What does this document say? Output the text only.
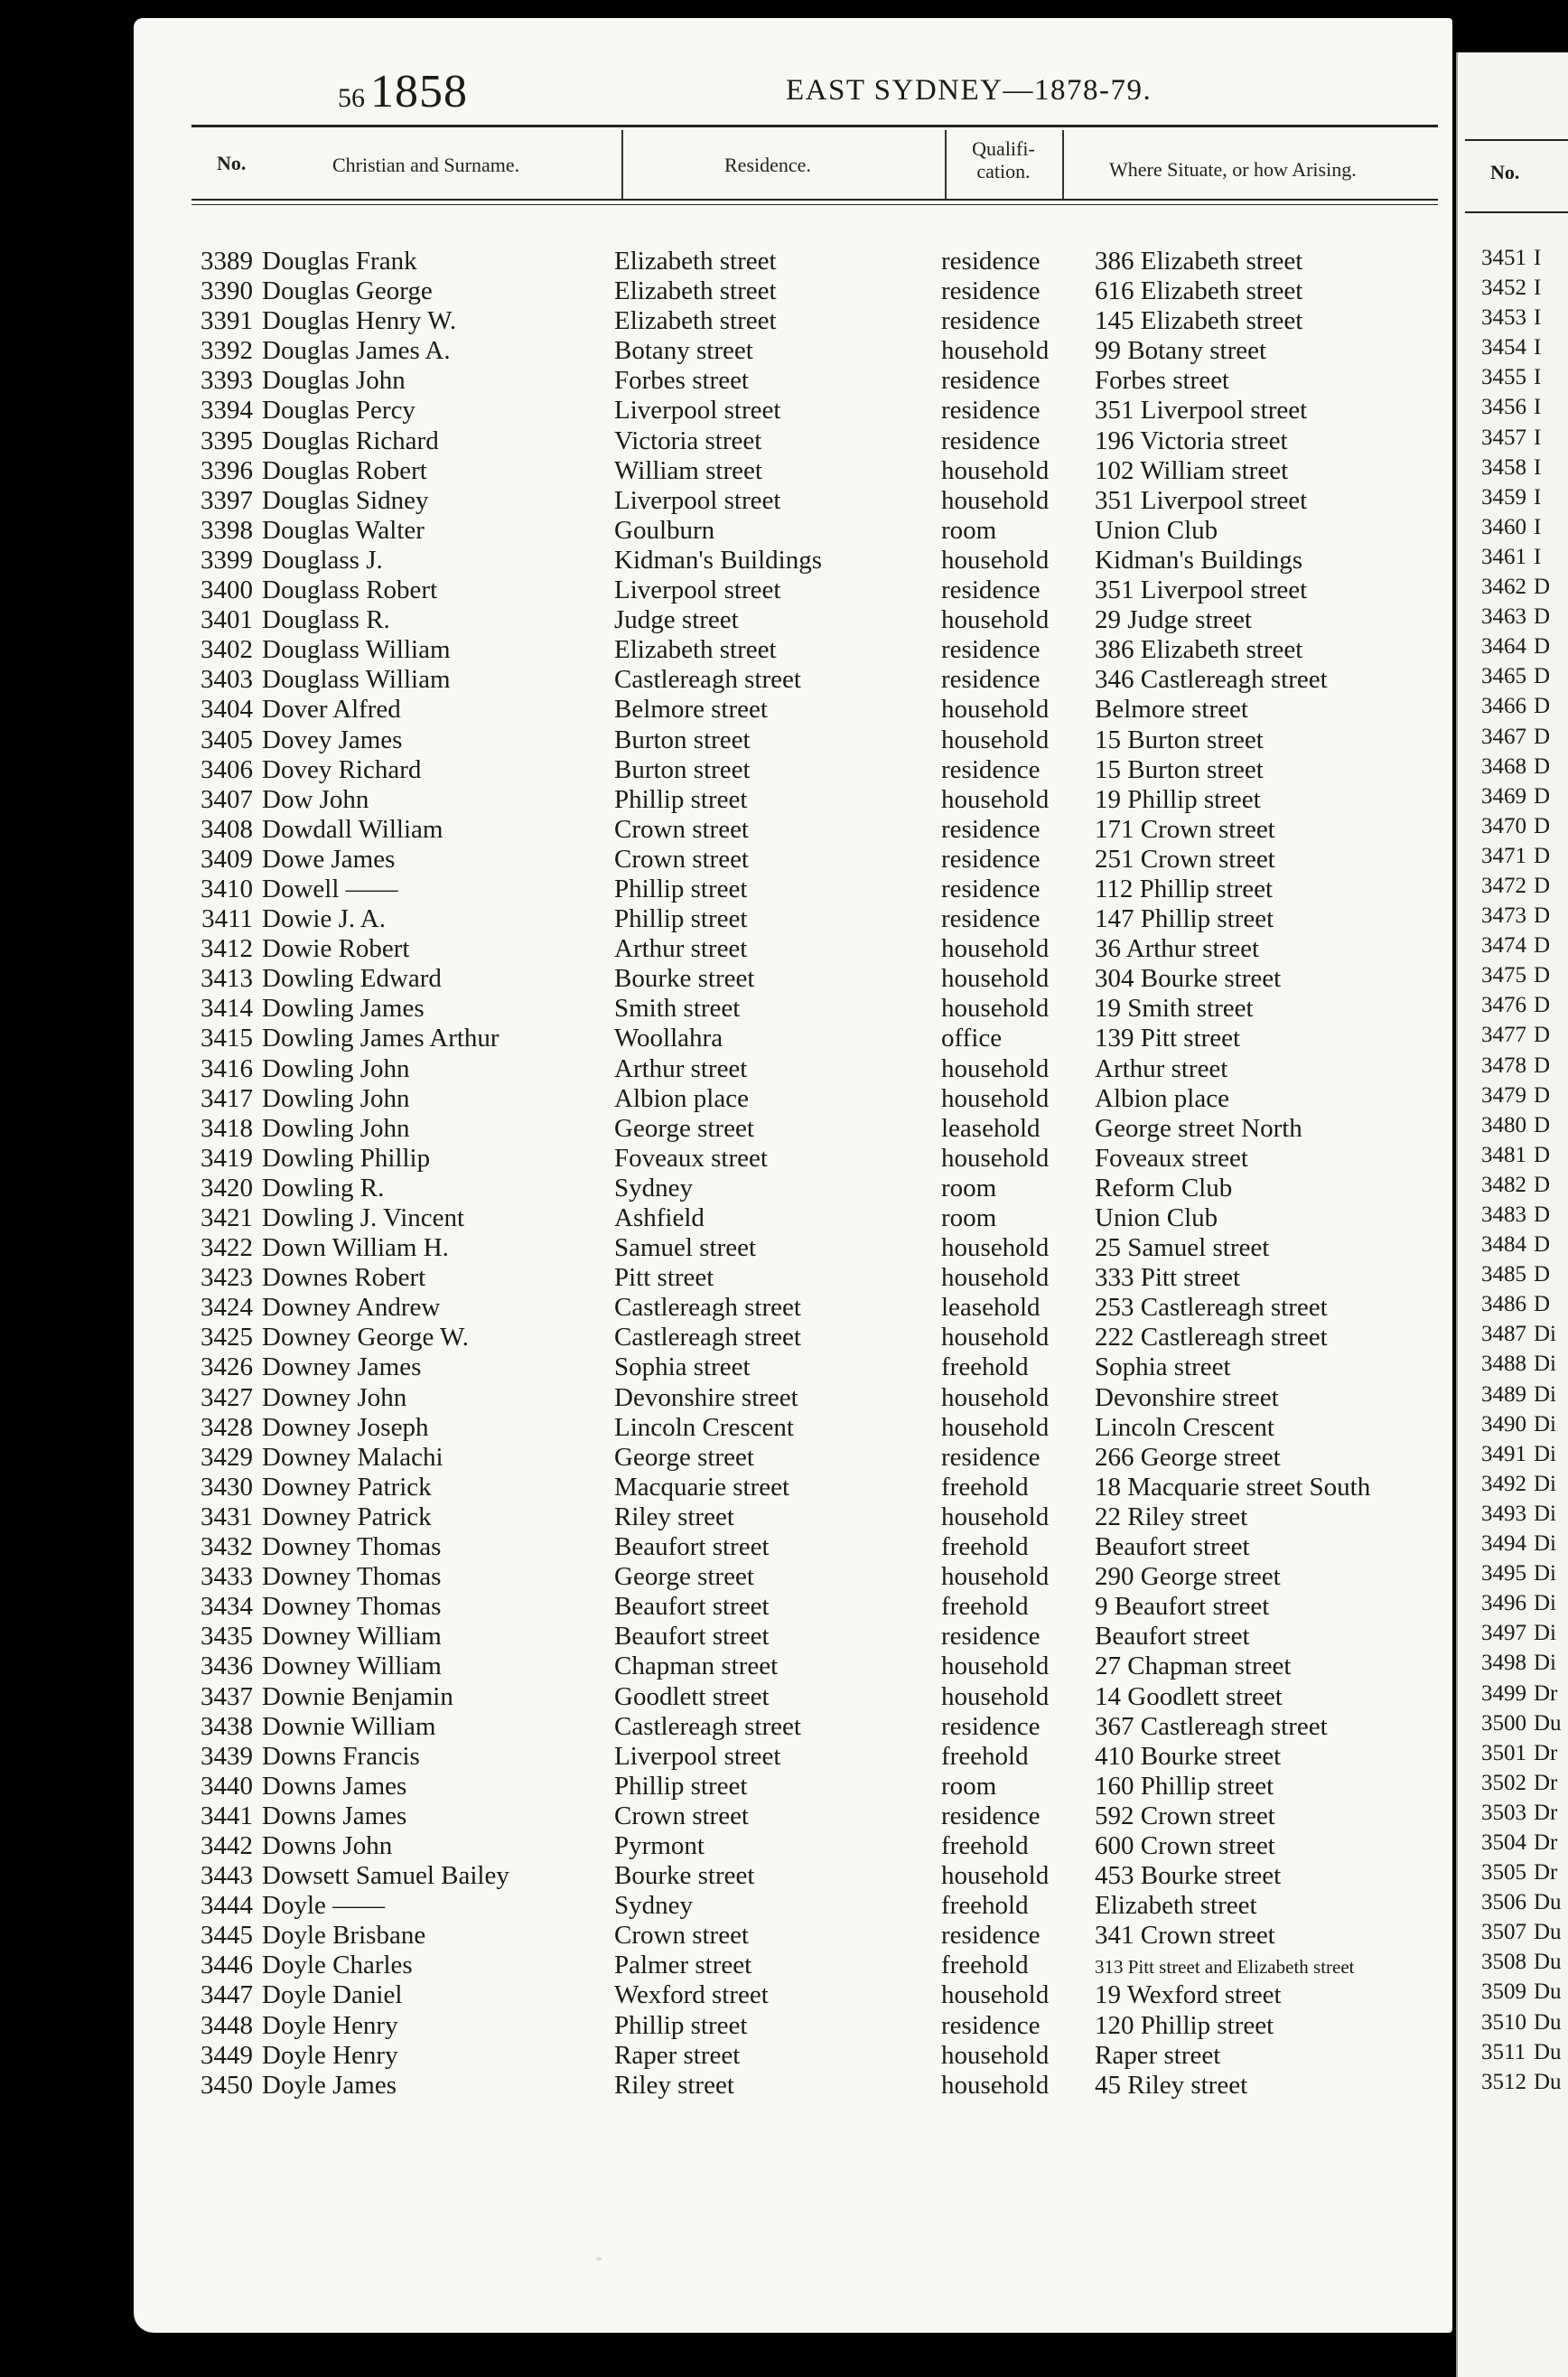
56 1858	EAST SYDNEY—1878-79.
No.	Christian and Surname.	Residence.
Qualifi-
cation.	Where Situate, or how Arising.
3389 Douglas Frank	Elizabeth street	residence 386 Elizabeth street
3390 Douglas George	Elizabeth street	residence 616 Elizabeth street
3391 Douglas Henry W.	Elizabeth street	residence 145 Elizabeth street
3392 Douglas James A.	Botany street	household 99 Botany street
3393 Douglas John	Forbes street	residence Forbes street
3394 Douglas Percy	Liverpool street	residence 351 Liverpool street
3395 Douglas Richard	Victoria street	residence 196 Victoria street
3396 Douglas Robert	William street	household 102 William street
3397 Douglas Sidney	Liverpool street	household 351 Liverpool street
3398 Douglas Walter	Goulburn	room	Union Club
3399 Douglass J.	Kidman's Buildings	household Kidman's Buildings
3400 Douglass Robert	Liverpool street	residence 351 Liverpool street
3401 Douglass R.	Judge street	household 29 Judge street
3402 Douglass William	Elizabeth street	residence 386 Elizabeth street
3403 Douglass William	Castlereagh street	residence 346 Castlereagh street
3404 Dover Alfred	Belmore street	household Belmore street
3405 Dovey James	Burton street	household 15 Burton street
3406 Dovey Richard	Burton street	residence 15 Burton street
3407 Dow John	Phillip street	household 19 Phillip street
3408 Dowdall William	Crown street	residence 171 Crown street
3409 Dowe James	Crown street	residence 251 Crown street
3410 Dowell ——	Phillip street	residence 112 Phillip street
3411 Dowie J. A.	Phillip street	residence 147 Phillip street
3412 Dowie Robert	Arthur street	household 36 Arthur street
3413 Dowling Edward	Bourke street	household 304 Bourke street
3414 Dowling James	Smith street	household 19 Smith street
3415 Dowling James Arthur	Woollahra	office	139 Pitt street
3416 Dowling John	Arthur street	household Arthur street
3417 Dowling John	Albion place	household Albion place
3418 Dowling John	George street	leasehold George street North
3419 Dowling Phillip	Foveaux street	household Foveaux street
3420 Dowling R.	Sydney	room	Reform Club
3421 Dowling J. Vincent	Ashfield	room	Union Club
3422 Down William H.	Samuel street	household 25 Samuel street
3423 Downes Robert	Pitt street	household 333 Pitt street
3424 Downey Andrew	Castlereagh street	leasehold 253 Castlereagh street
3425 Downey George W.	Castlereagh street	household 222 Castlereagh street
3426 Downey James	Sophia street	freehold	Sophia street
3427 Downey John	Devonshire street	household Devonshire street
3428 Downey Joseph	Lincoln Crescent	household Lincoln Crescent
3429 Downey Malachi	George street	residence 266 George street
3430 Downey Patrick	Macquarie street	freehold	18 Macquarie street South
3431 Downey Patrick	Riley street	household 22 Riley street
3432 Downey Thomas	Beaufort street	freehold	Beaufort street
3433 Downey Thomas	George street	household 290 George street
3434 Downey Thomas	Beaufort street	freehold	9 Beaufort street
3435 Downey William	Beaufort street	residence Beaufort street
3436 Downey William	Chapman street	household 27 Chapman street
3437 Downie Benjamin	Goodlett street	household 14 Goodlett street
3438 Downie William	Castlereagh street	residence 367 Castlereagh street
3439 Downs Francis	Liverpool street	freehold	410 Bourke street
3440 Downs James	Phillip street	room	160 Phillip street
3441 Downs James	Crown street	residence 592 Crown street
3442 Downs John	Pyrmont	freehold	600 Crown street
3443 Dowsett Samuel Bailey	Bourke street	household 453 Bourke street
3444 Doyle ——	Sydney	freehold	Elizabeth street
3445 Doyle Brisbane	Crown street	residence 341 Crown street
3446 Doyle Charles	Palmer street	freehold	313 Pitt street and Elizabeth street
3447 Doyle Daniel	Wexford street	household 19 Wexford street
3448 Doyle Henry	Phillip street	residence 120 Phillip street
3449 Doyle Henry	Raper street	household Raper street
3450 Doyle James	Riley street	household 45 Riley street
No.
3451 I
3452 I
3453 I
3454 I
3455 I
3456 I
3457 I
3458 I
3459 I
3460 I
3461 I
3462 D
3463 D
3464 D
3465 D
3466 D
3467 D
3468 D
3469 D
3470 D
3471 D
3472 D
3473 D
3474 D
3475 D
3476 D
3477 D
3478 D
3479 D
3480 D
3481 D
3482 D
3483 D
3484 D
3485 D
3486 D
3487 Di
3488 Di
3489 Di
3490 Di
3491 Di
3492 Di
3493 Di
3494 Di
3495 Di
3496 Di
3497 Di
3498 Di
3499 Dr
3500 Du
3501 Dr
3502 Dr
3503 Dr
3504 Dr
3505 Dr
3506 Du
3507 Du
3508 Du
3509 Du
3510 Du
3511 Du
3512 Du
